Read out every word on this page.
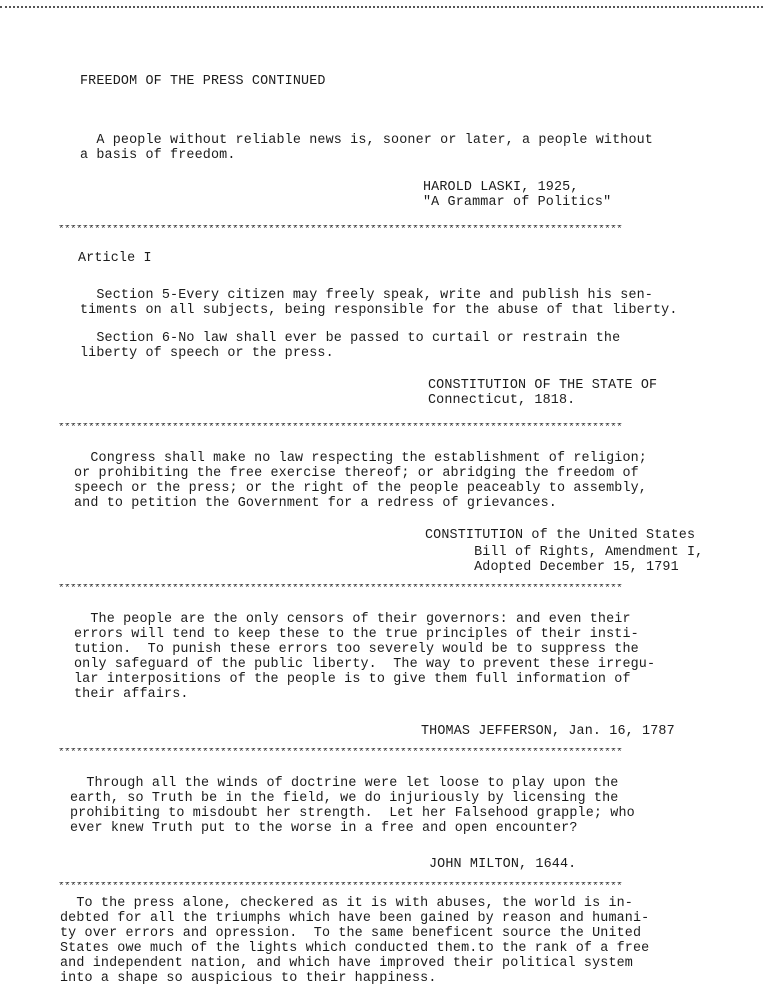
FREEDOM OF THE PRESS CONTINUED
A people without reliable news is, sooner or later, a people without
a basis of freedom.
HAROLD LASKI, 1925,
"A Grammar of Politics"
**********************************************************************************************
Article I
Section 5-Every citizen may freely speak, write and publish his sen-
timents on all subjects, being responsible for the abuse of that liberty.
Section 6-No law shall ever be passed to curtail or restrain the
liberty of speech or the press.
CONSTITUTION OF THE STATE OF
Connecticut, 1818.
**********************************************************************************************
Congress shall make no law respecting the establishment of religion;
or prohibiting the free exercise thereof; or abridging the freedom of
speech or the press; or the right of the people peaceably to assembly,
and to petition the Government for a redress of grievances.
CONSTITUTION of the United States
Bill of Rights, Amendment I,
Adopted December 15, 1791
**********************************************************************************************
The people are the only censors of their governors: and even their
errors will tend to keep these to the true principles of their insti-
tution.  To punish these errors too severely would be to suppress the
only safeguard of the public liberty.  The way to prevent these irregu-
lar interpositions of the people is to give them full information of
their affairs.
THOMAS JEFFERSON, Jan. 16, 1787
**********************************************************************************************
Through all the winds of doctrine were let loose to play upon the
earth, so Truth be in the field, we do injuriously by licensing the
prohibiting to misdoubt her strength.  Let her Falsehood grapple; who
ever knew Truth put to the worse in a free and open encounter?
JOHN MILTON, 1644.
**********************************************************************************************
To the press alone, checkered as it is with abuses, the world is in-
debted for all the triumphs which have been gained by reason and humani-
ty over errors and opression.  To the same beneficent source the United
States owe much of the lights which conducted them.to the rank of a free
and independent nation, and which have improved their political system
into a shape so auspicious to their happiness.
